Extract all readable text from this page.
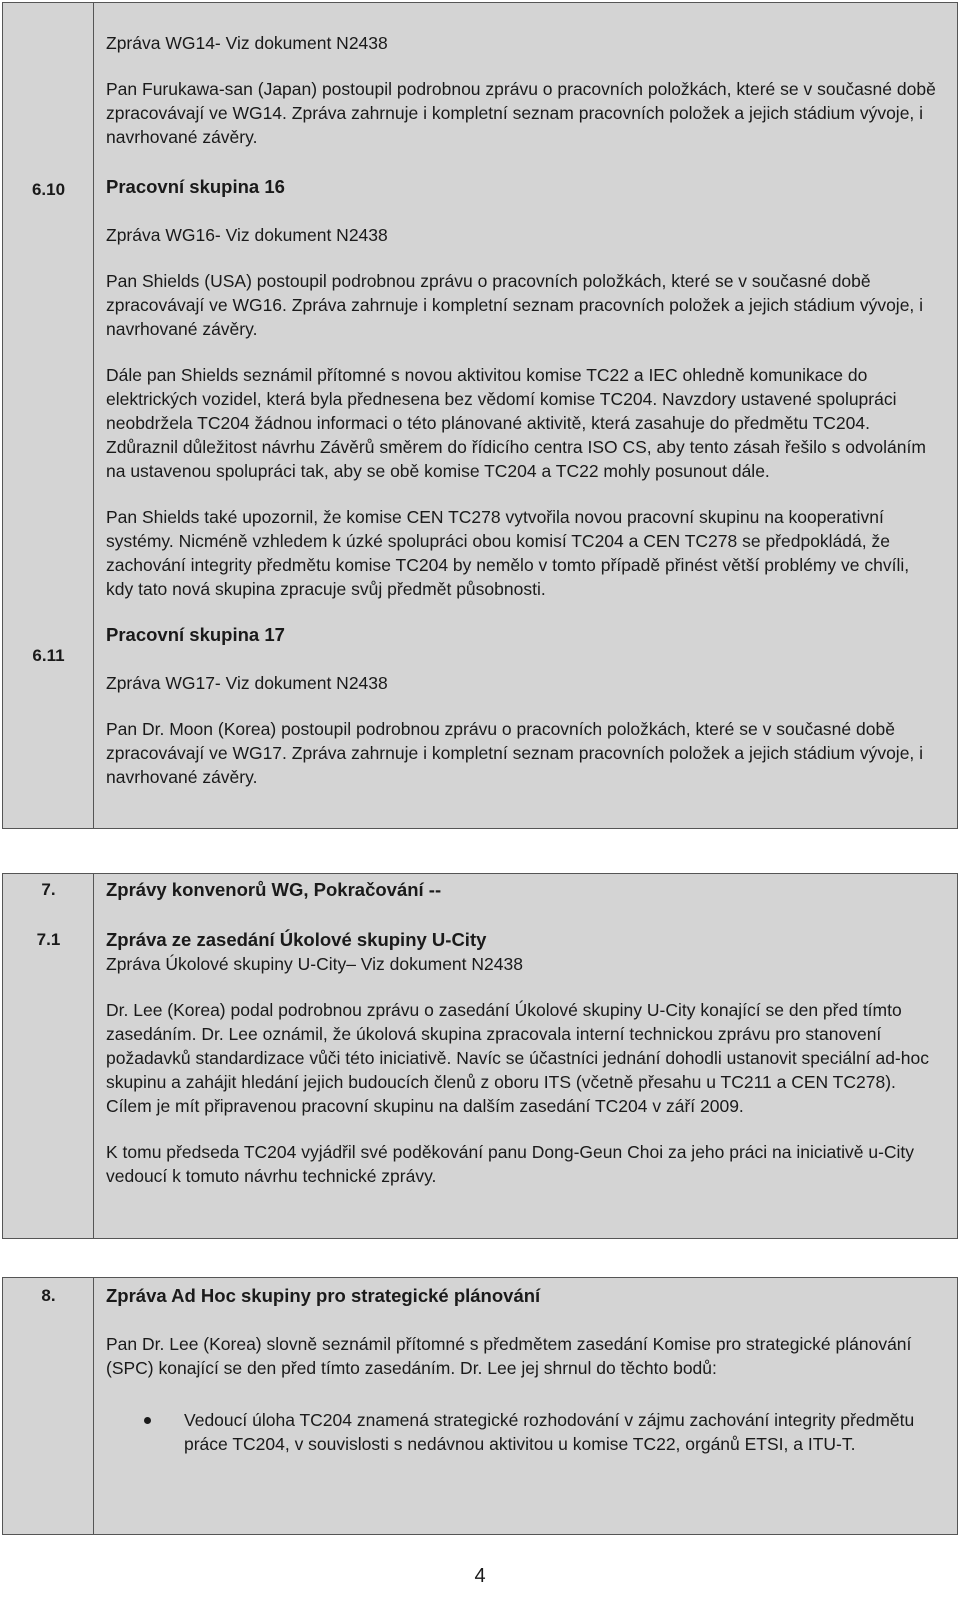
6.10
6.11

Zpráva WG14- Viz dokument N2438

Pan Furukawa-san (Japan) postoupil podrobnou zprávu o pracovních položkách, které se v současné době zpracovávají ve WG14. Zpráva zahrnuje i kompletní seznam pracovních položek a jejich stádium vývoje, i navrhované závěry.

Pracovní skupina 16

Zpráva WG16- Viz dokument N2438

Pan Shields (USA) postoupil podrobnou zprávu o pracovních položkách, které se v současné době zpracovávají ve WG16. Zpráva zahrnuje i kompletní seznam pracovních položek a jejich stádium vývoje, i navrhované závěry.

Dále pan Shields seznámil přítomné s novou aktivitou komise TC22 a IEC ohledně komunikace do elektrických vozidel, která byla přednesena bez vědomí komise TC204. Navzdory ustavené spolupráci neobdržela TC204 žádnou informaci o této plánované aktivitě, která zasahuje do předmětu TC204. Zdůraznil důležitost návrhu Závěrů směrem do řídicího centra ISO CS, aby tento zásah řešilo s odvoláním na ustavenou spolupráci tak, aby se obě komise TC204 a TC22 mohly posunout dále.

Pan Shields také upozornil, že komise CEN TC278 vytvořila novou pracovní skupinu na kooperativní systémy. Nicméně vzhledem k úzké spolupráci obou komisí TC204 a CEN TC278 se předpokládá, že zachování integrity předmětu komise TC204 by nemělo v tomto případě přinést větší problémy ve chvíli, kdy tato nová skupina zpracuje svůj předmět působnosti.

Pracovní skupina 17

Zpráva WG17- Viz dokument N2438

Pan Dr. Moon (Korea) postoupil podrobnou zprávu o pracovních položkách, které se v současné době zpracovávají ve WG17. Zpráva zahrnuje i kompletní seznam pracovních položek a jejich stádium vývoje, i navrhované závěry.

7.
7.1

Zprávy konvenorů WG, Pokračování --

Zpráva ze zasedání Úkolové skupiny U-City

Zpráva Úkolové skupiny U-City– Viz dokument N2438

Dr. Lee (Korea) podal podrobnou zprávu o zasedání Úkolové skupiny U-City konající se den před tímto zasedáním. Dr. Lee oznámil, že úkolová skupina zpracovala interní technickou zprávu pro stanovení požadavků standardizace vůči této iniciativě. Navíc se účastníci jednání dohodli ustanovit speciální ad-hoc skupinu a zahájit hledání jejich budoucích členů z oboru ITS (včetně přesahu u TC211 a CEN TC278). Cílem je mít připravenou pracovní skupinu na dalším zasedání TC204 v září 2009.

K tomu předseda TC204 vyjádřil své poděkování panu Dong-Geun Choi za jeho práci na iniciativě u-City vedoucí k tomuto návrhu technické zprávy.

8.	Zpráva Ad Hoc skupiny pro strategické plánování

Pan Dr. Lee (Korea) slovně seznámil přítomné s předmětem zasedání Komise pro strategické plánování (SPC) konající se den před tímto zasedáním. Dr. Lee jej shrnul do těchto bodů:

Vedoucí úloha TC204 znamená strategické rozhodování v zájmu zachování integrity předmětu práce TC204, v souvislosti s nedávnou aktivitou u komise TC22, orgánů ETSI, a ITU-T.

4
